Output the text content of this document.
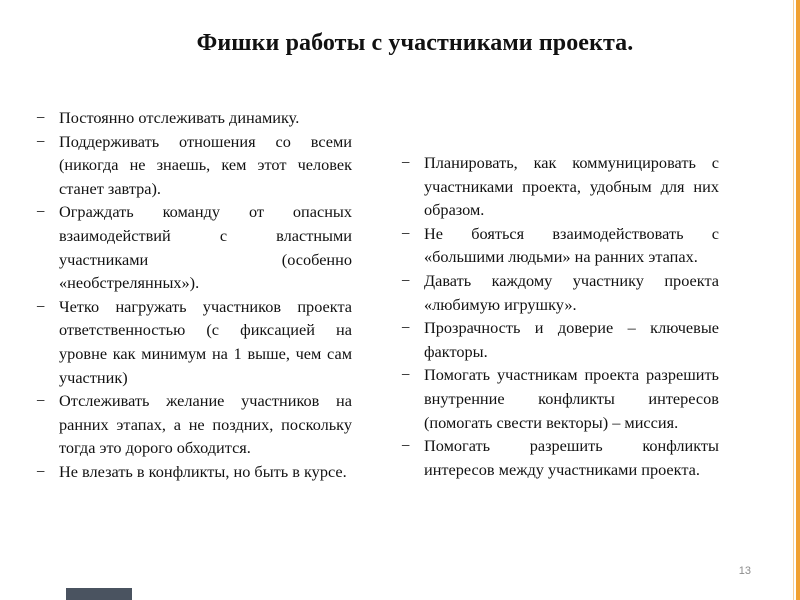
Фишки работы с участниками проекта.
− Постоянно отслеживать динамику.
− Поддерживать отношения со всеми (никогда не знаешь, кем этот человек станет завтра).
− Ограждать команду от опасных взаимодействий с властными участниками (особенно «необстрелянных»).
− Четко нагружать участников проекта ответственностью (с фиксацией на уровне как минимум на 1 выше, чем сам участник)
− Отслеживать желание участников на ранних этапах, а не поздних, поскольку тогда это дорого обходится.
− Не влезать в конфликты, но быть в курсе.
− Планировать, как коммуницировать с участниками проекта, удобным для них образом.
− Не бояться взаимодействовать с «большими людьми» на ранних этапах.
− Давать каждому участнику проекта «любимую игрушку».
− Прозрачность и доверие – ключевые факторы.
− Помогать участникам проекта разрешить внутренние конфликты интересов (помогать свести векторы) – миссия.
− Помогать разрешить конфликты интересов между участниками проекта.
13
